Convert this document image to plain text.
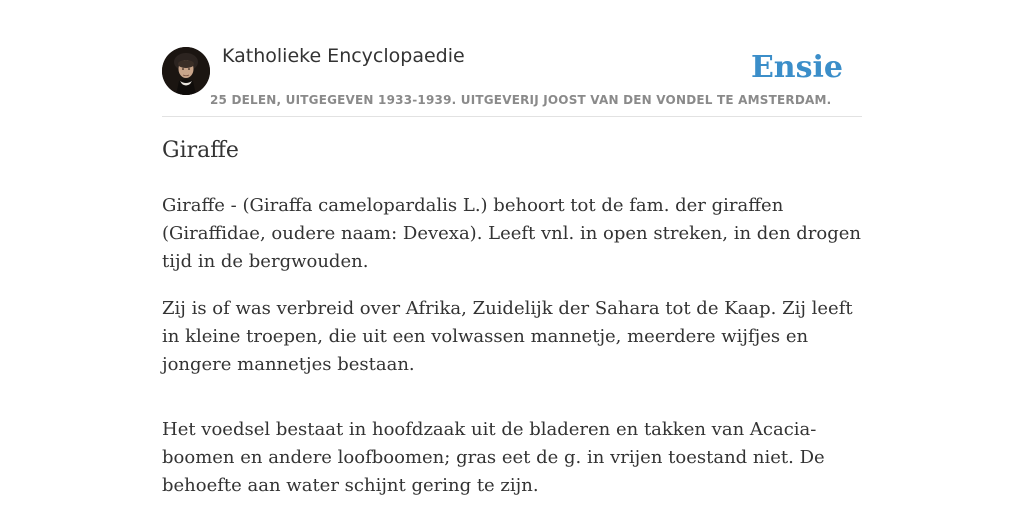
Katholieke Encyclopaedie
25 DELEN, UITGEGEVEN 1933-1939. UITGEVERIJ JOOST VAN DEN VONDEL TE AMSTERDAM.
Ensie
Giraffe

Giraffe - (Giraffa camelopardalis L.) behoort tot de fam. der giraffen (Giraffidae, oudere naam: Devexa). Leeft vnl. in open streken, in den drogen tijd in de bergwouden.

Zij is of was verbreid over Afrika, Zuidelijk der Sahara tot de Kaap. Zij leeft in kleine troepen, die uit een volwassen mannetje, meerdere wijfjes en jongere mannetjes bestaan.

Het voedsel bestaat in hoofdzaak uit de bladeren en takken van Acacia-boomen en andere loofboomen; gras eet de g. in vrijen toestand niet. De behoefte aan water schijnt gering te zijn.
